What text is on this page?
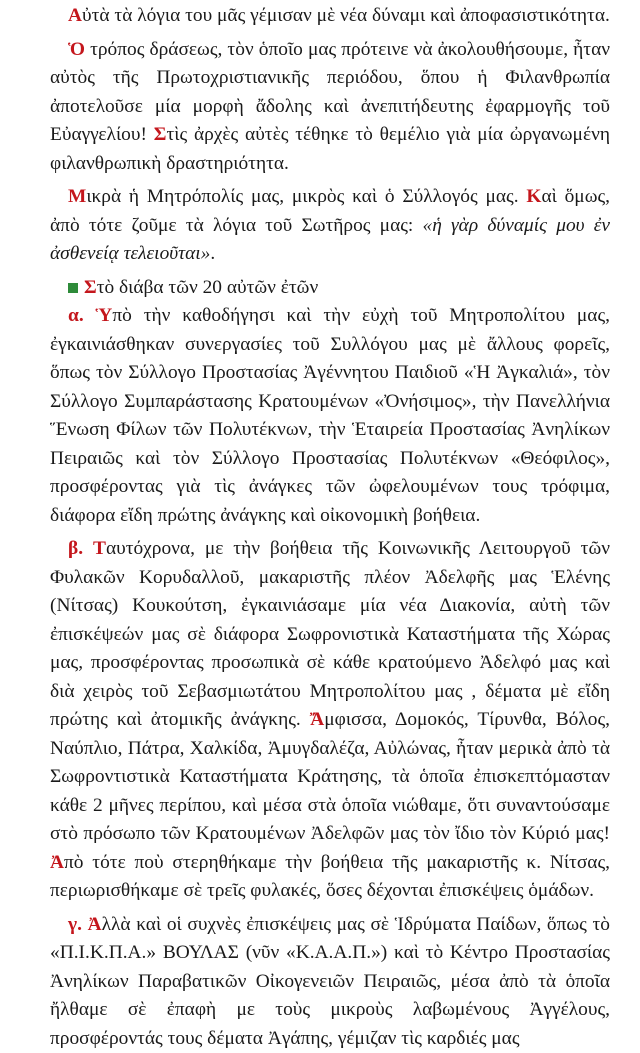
Αὐτὰ τὰ λόγια του μᾶς γέμισαν μὲ νέα δύναμι καὶ ἀποφασιστικότητα.

Ὁ τρόπος δράσεως, τὸν ὁποῖο μας πρότεινε νὰ ἀκολουθήσουμε, ἦταν αὐτὸς τῆς Πρωτοχριστιανικῆς περιόδου, ὅπου ἡ Φιλανθρωπία ἀποτελοῦσε μία μορφὴ ἄδολης καὶ ἀνεπιτήδευτης ἐφαρμογῆς τοῦ Εὐαγγελίου! Στὶς ἀρχὲς αὐτὲς τέθηκε τὸ θεμέλιο γιὰ μία ὠργανωμένη φιλανθρωπικὴ δραστηριότητα.

Μικρὰ ἡ Μητρόπολίς μας, μικρὸς καὶ ὁ Σύλλογός μας. Καὶ ὅμως, ἀπὸ τότε ζοῦμε τὰ λόγια τοῦ Σωτῆρος μας: «ἡ γὰρ δύναμίς μου ἐν ἀσθενείᾳ τελειοῦται».

Στὸ διάβα τῶν 20 αὐτῶν ἐτῶν

α. Ὑπὸ τὴν καθοδήγησι καὶ τὴν εὐχὴ τοῦ Μητροπολίτου μας, ἐγκαινιάσθηκαν συνεργασίες τοῦ Συλλόγου μας μὲ ἄλλους φορεῖς, ὅπως τὸν Σύλλογο Προστασίας Ἀγέννητου Παιδιοῦ «Ἡ Ἀγκαλιά», τὸν Σύλλογο Συμπαράστασης Κρατουμένων «Ὀνήσιμος», τὴν Πανελλήνια Ἕνωση Φίλων τῶν Πολυτέκνων, τὴν Ἑταιρεία Προστασίας Ἀνηλίκων Πειραιῶς καὶ τὸν Σύλλογο Προστασίας Πολυτέκνων «Θεόφιλος», προσφέροντας γιὰ τὶς ἀνάγκες τῶν ὠφελουμένων τους τρόφιμα, διάφορα εἴδη πρώτης ἀνάγκης καὶ οἰκονομικὴ βοήθεια.

β. Ταυτόχρονα, με τὴν βοήθεια τῆς Κοινωνικῆς Λειτουργοῦ τῶν Φυλακῶν Κορυδαλλοῦ, μακαριστῆς πλέον Ἀδελφῆς μας Ἑλένης (Νίτσας) Κουκούτση, ἐγκαινιάσαμε μία νέα Διακονία, αὐτὴ τῶν ἐπισκέψεών μας σὲ διάφορα Σωφρονιστικὰ Καταστήματα τῆς Χώρας μας, προσφέροντας προσωπικὰ σὲ κάθε κρατούμενο Ἀδελφό μας καὶ διὰ χειρὸς τοῦ Σεβασμιωτάτου Μητροπολίτου μας , δέματα μὲ εἴδη πρώτης καὶ ἀτομικῆς ἀνάγκης. Ἄμφισσα, Δομοκός, Τίρυνθα, Βόλος, Ναύπλιο, Πάτρα, Χαλκίδα, Ἀμυγδαλέζα, Αὐλώνας, ἦταν μερικὰ ἀπὸ τὰ Σωφροντιστικὰ Καταστήματα Κράτησης, τὰ ὁποῖα ἐπισκεπτόμασταν κάθε 2 μῆνες περίπου, καὶ μέσα στὰ ὁποῖα νιώθαμε, ὅτι συναντούσαμε στὸ πρόσωπο τῶν Κρατουμένων Ἀδελφῶν μας τὸν ἴδιο τὸν Κύριό μας! Ἀπὸ τότε ποὺ στερηθήκαμε τὴν βοήθεια τῆς μακαριστῆς κ. Νίτσας, περιωρισθήκαμε σὲ τρεῖς φυλακές, ὅσες δέχονται ἐπισκέψεις ὁμάδων.

γ. Ἀλλὰ καὶ οἱ συχνὲς ἐπισκέψεις μας σὲ Ἱδρύματα Παίδων, ὅπως τὸ «Π.Ι.Κ.Π.Α.» ΒΟΥΛΑΣ (νῦν «Κ.Α.Α.Π.») καὶ τὸ Κέντρο Προστασίας Ἀνηλίκων Παραβατικῶν Οἰκογενειῶν Πειραιῶς, μέσα ἀπὸ τὰ ὁποῖα ἤλθαμε σὲ ἐπαφὴ με τοὺς μικροὺς λαβωμένους Ἀγγέλους, προσφέροντάς τους δέματα Ἀγάπης, γέμιζαν τὶς καρδιές μας
